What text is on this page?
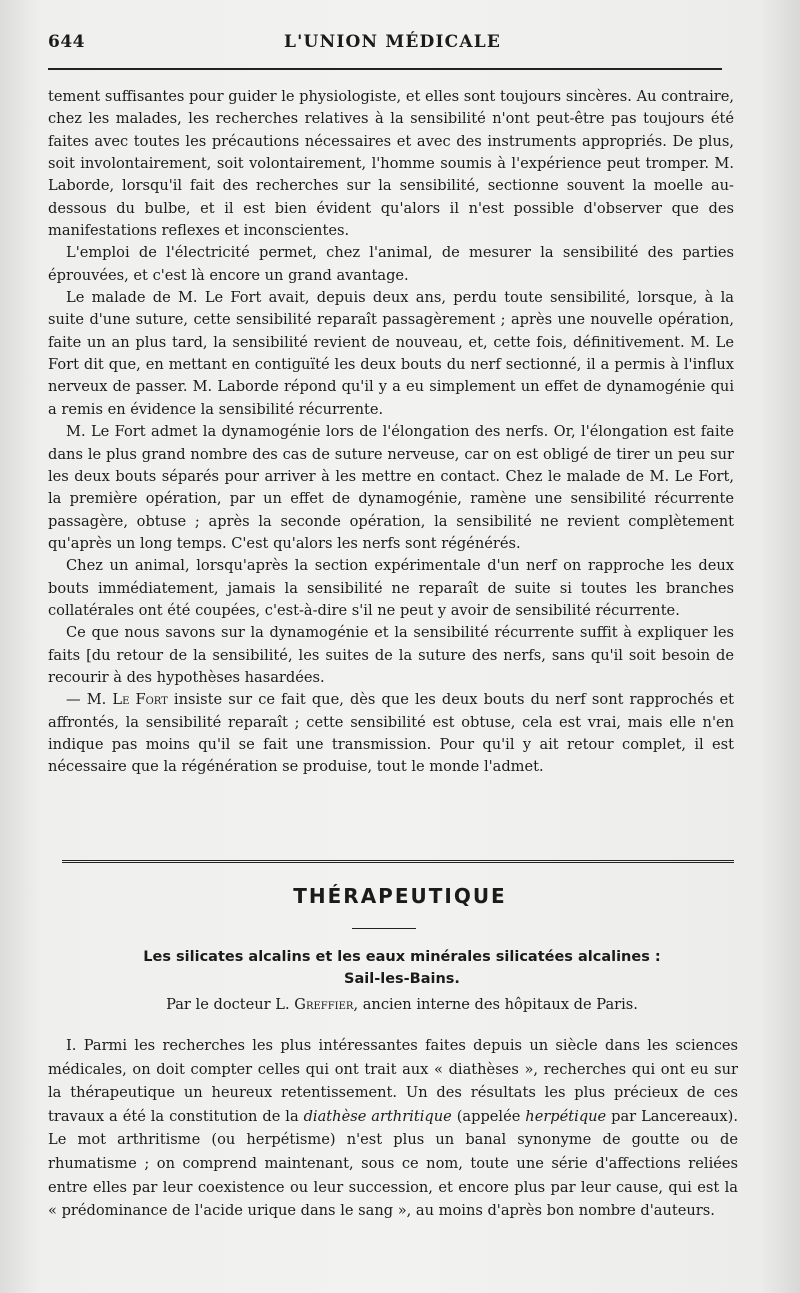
644	L'UNION MÉDICALE

tement suffisantes pour guider le physiologiste, et elles sont toujours sincères. Au contraire, chez les malades, les recherches relatives à la sensibilité n'ont peut-être pas toujours été faites avec toutes les précautions nécessaires et avec des instruments appropriés. De plus, soit involontairement, soit volontairement, l'homme soumis à l'expérience peut tromper. M. Laborde, lorsqu'il fait des recherches sur la sensibilité, sectionne souvent la moelle au-dessous du bulbe, et il est bien évident qu'alors il n'est possible d'observer que des manifestations reflexes et inconscientes.

L'emploi de l'électricité permet, chez l'animal, de mesurer la sensibilité des parties éprouvées, et c'est là encore un grand avantage.

Le malade de M. Le Fort avait, depuis deux ans, perdu toute sensibilité, lorsque, à la suite d'une suture, cette sensibilité reparaît passagèrement ; après une nouvelle opération, faite un an plus tard, la sensibilité revient de nouveau, et, cette fois, définitivement. M. Le Fort dit que, en mettant en contiguïté les deux bouts du nerf sectionné, il a permis à l'influx nerveux de passer. M. Laborde répond qu'il y a eu simplement un effet de dynamogénie qui a remis en évidence la sensibilité récurrente.

M. Le Fort admet la dynamogénie lors de l'élongation des nerfs. Or, l'élongation est faite dans le plus grand nombre des cas de suture nerveuse, car on est obligé de tirer un peu sur les deux bouts séparés pour arriver à les mettre en contact. Chez le malade de M. Le Fort, la première opération, par un effet de dynamogénie, ramène une sensibilité récurrente passagère, obtuse ; après la seconde opération, la sensibilité ne revient complètement qu'après un long temps. C'est qu'alors les nerfs sont régénérés.

Chez un animal, lorsqu'après la section expérimentale d'un nerf on rapproche les deux bouts immédiatement, jamais la sensibilité ne reparaît de suite si toutes les branches collatérales ont été coupées, c'est-à-dire s'il ne peut y avoir de sensibilité récurrente.

Ce que nous savons sur la dynamogénie et la sensibilité récurrente suffit à expliquer les faits [du retour de la sensibilité, les suites de la suture des nerfs, sans qu'il soit besoin de recourir à des hypothèses hasardées.

— M. Le Fort insiste sur ce fait que, dès que les deux bouts du nerf sont rapprochés et affrontés, la sensibilité reparaît ; cette sensibilité est obtuse, cela est vrai, mais elle n'en indique pas moins qu'il se fait une transmission. Pour qu'il y ait retour complet, il est nécessaire que la régénération se produise, tout le monde l'admet.

THÉRAPEUTIQUE
Les silicates alcalins et les eaux minérales silicatées alcalines :
Sail-les-Bains.
Par le docteur L. Greffier, ancien interne des hôpitaux de Paris.

I. Parmi les recherches les plus intéressantes faites depuis un siècle dans les sciences médicales, on doit compter celles qui ont trait aux « diathèses », recherches qui ont eu sur la thérapeutique un heureux retentissement. Un des résultats les plus précieux de ces travaux a été la constitution de la diathèse arthritique (appelée herpétique par Lancereaux). Le mot arthritisme (ou herpétisme) n'est plus un banal synonyme de goutte ou de rhumatisme ; on comprend maintenant, sous ce nom, toute une série d'affections reliées entre elles par leur coexistence ou leur succession, et encore plus par leur cause, qui est la « prédominance de l'acide urique dans le sang », au moins d'après bon nombre d'auteurs.
